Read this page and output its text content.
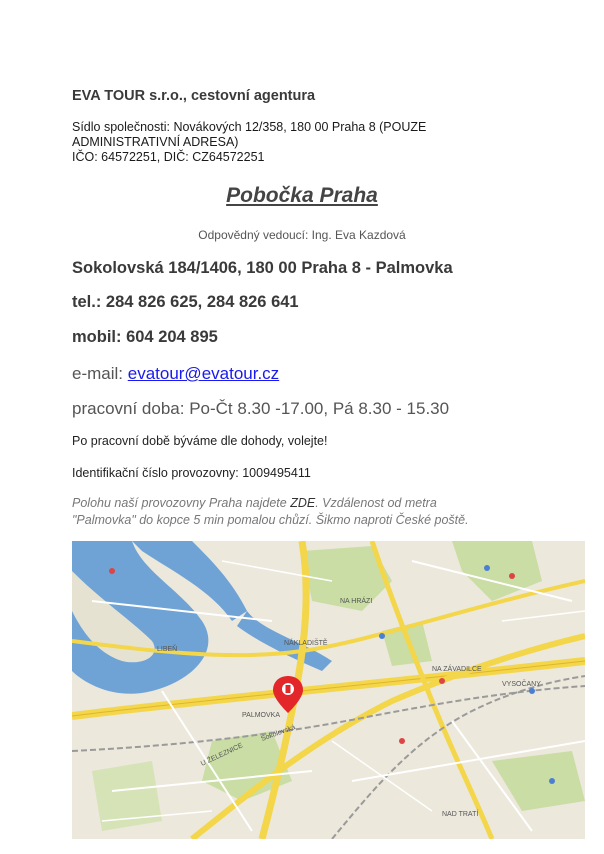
EVA TOUR s.r.o., cestovní agentura
Sídlo společnosti: Novákových 12/358, 180 00 Praha 8 (POUZE
ADMINISTRATIVNÍ ADRESA)
IČO: 64572251, DIČ: CZ64572251
Pobočka Praha
Odpovědný vedoucí: Ing. Eva Kazdová
Sokolovská 184/1406, 180 00 Praha 8 - Palmovka
tel.: 284 826 625, 284 826 641
mobil: 604 204 895
e-mail: evatour@evatour.cz
pracovní doba: Po-Čt 8.30 -17.00, Pá 8.30 - 15.30
Po pracovní době býváme dle dohody, volejte!
Identifikační číslo provozovny: 1009495411
Polohu naší provozovny Praha najdete ZDE. Vzdálenost od metra
"Palmovka" do kopce 5 min pomalou chůzí. Šikmo naproti České poště.
LIBEŇ
NA HRÁZI
NÁKLADIŠTĚ
PALMOVKA
NA ZÁVADILCE
NAD TRATÍ
VYSOČANY
Sokolovská
U ŽELEZNICE
